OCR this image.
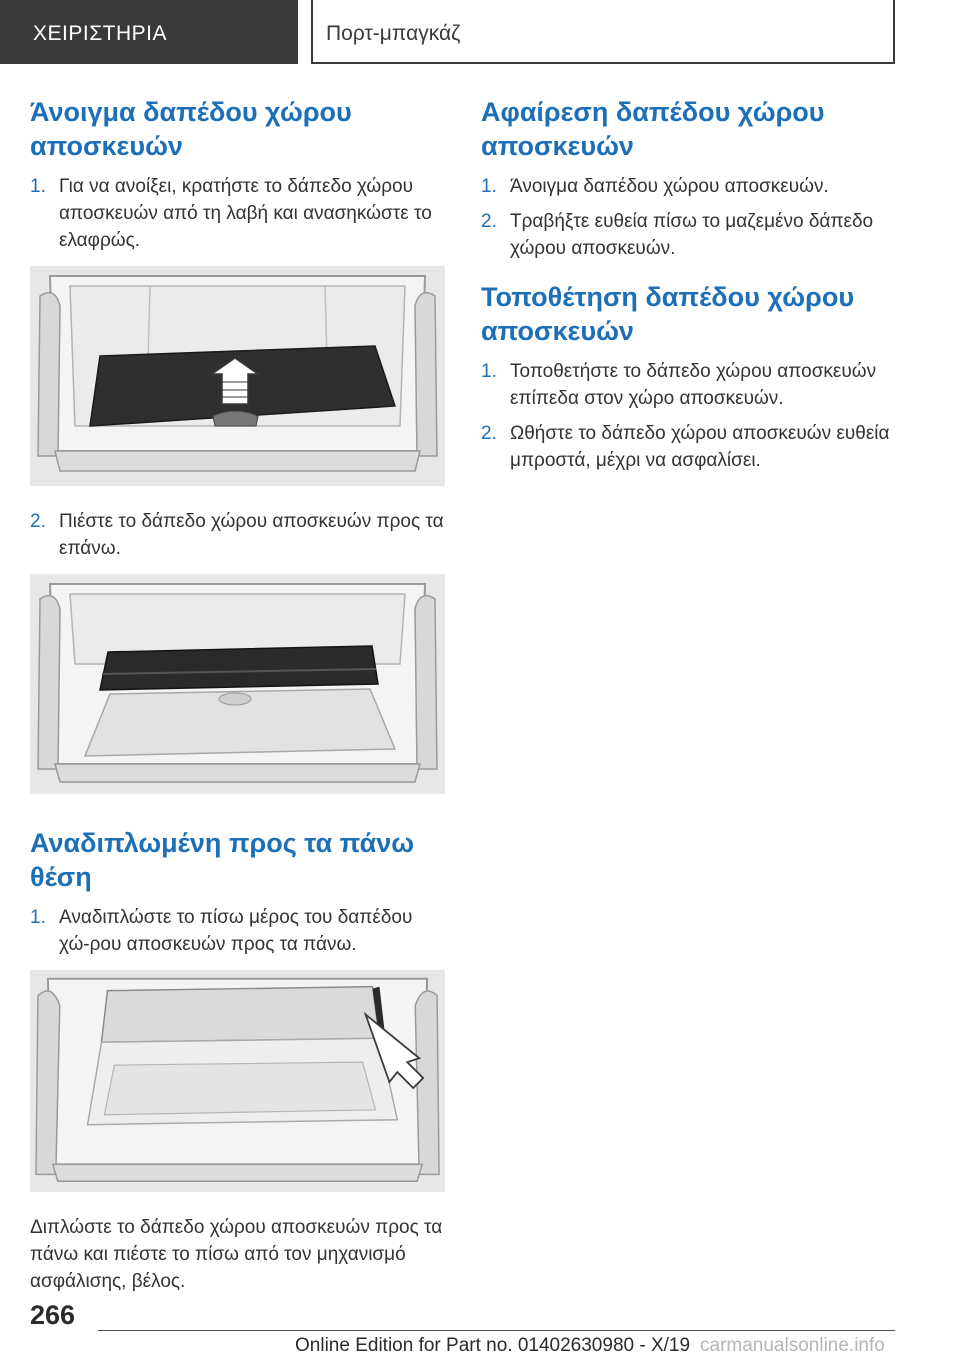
ΧΕΙΡΙΣΤΗΡΙΑ	Πορτ-μπαγκάζ
Άνοιγμα δαπέδου χώρου αποσκευών
1. Για να ανοίξει, κρατήστε το δάπεδο χώρου αποσκευών από τη λαβή και ανασηκώστε το ελαφρώς.
2. Πιέστε το δάπεδο χώρου αποσκευών προς τα επάνω.
Αναδιπλωμένη προς τα πάνω θέση
1. Αναδιπλώστε το πίσω μέρος του δαπέδου χώ-ρου αποσκευών προς τα πάνω.
Διπλώστε το δάπεδο χώρου αποσκευών προς τα πάνω και πιέστε το πίσω από τον μηχανισμό ασφάλισης, βέλος.
Αφαίρεση δαπέδου χώρου αποσκευών
1. Άνοιγμα δαπέδου χώρου αποσκευών.
2. Τραβήξτε ευθεία πίσω το μαζεμένο δάπεδο χώρου αποσκευών.
Τοποθέτηση δαπέδου χώρου αποσκευών
1. Τοποθετήστε το δάπεδο χώρου αποσκευών επίπεδα στον χώρο αποσκευών.
2. Ωθήστε το δάπεδο χώρου αποσκευών ευθεία μπροστά, μέχρι να ασφαλίσει.
266
Online Edition for Part no. 01402630980 - X/19 carmanualsonline.info
